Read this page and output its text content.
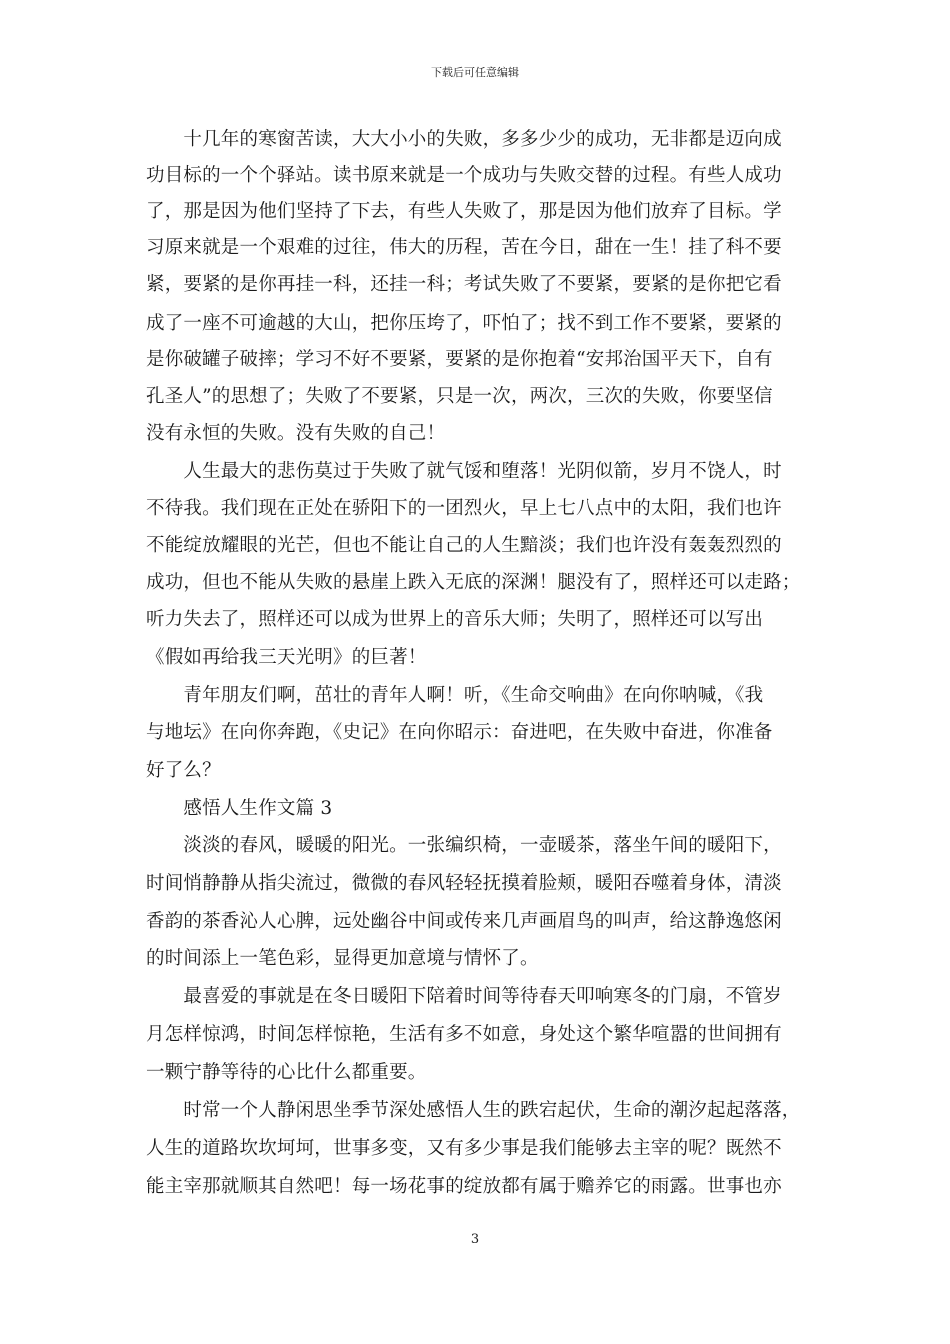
下载后可任意编辑
　　十几年的寒窗苦读，大大小小的失败，多多少少的成功，无非都是迈向成
功目标的一个个驿站。读书原来就是一个成功与失败交替的过程。有些人成功
了，那是因为他们坚持了下去，有些人失败了，那是因为他们放弃了目标。学
习原来就是一个艰难的过往，伟大的历程，苦在今日，甜在一生！挂了科不要
紧，要紧的是你再挂一科，还挂一科；考试失败了不要紧，要紧的是你把它看
成了一座不可逾越的大山，把你压垮了，吓怕了；找不到工作不要紧，要紧的
是你破罐子破摔；学习不好不要紧，要紧的是你抱着“安邦治国平天下，自有
孔圣人”的思想了；失败了不要紧，只是一次，两次，三次的失败，你要坚信
没有永恒的失败。没有失败的自己！
　　人生最大的悲伤莫过于失败了就气馁和堕落！光阴似箭，岁月不饶人，时
不待我。我们现在正处在骄阳下的一团烈火，早上七八点中的太阳，我们也许
不能绽放耀眼的光芒，但也不能让自己的人生黯淡；我们也许没有轰轰烈烈的
成功，但也不能从失败的悬崖上跌入无底的深渊！腿没有了，照样还可以走路；
听力失去了，照样还可以成为世界上的音乐大师；失明了，照样还可以写出
《假如再给我三天光明》的巨著！
　　青年朋友们啊，茁壮的青年人啊！听，《生命交响曲》在向你呐喊，《我
与地坛》在向你奔跑，《史记》在向你昭示：奋进吧，在失败中奋进，你准备
好了么？
　　感悟人生作文篇 3
　　淡淡的春风，暖暖的阳光。一张编织椅，一壶暖茶，落坐午间的暖阳下，
时间悄静静从指尖流过，微微的春风轻轻抚摸着脸颊，暖阳吞噬着身体，清淡
香韵的茶香沁人心脾，远处幽谷中间或传来几声画眉鸟的叫声，给这静逸悠闲
的时间添上一笔色彩，显得更加意境与情怀了。
　　最喜爱的事就是在冬日暖阳下陪着时间等待春天叩响寒冬的门扇，不管岁
月怎样惊鸿，时间怎样惊艳，生活有多不如意，身处这个繁华喧嚣的世间拥有
一颗宁静等待的心比什么都重要。
　　时常一个人静闲思坐季节深处感悟人生的跌宕起伏，生命的潮汐起起落落，
人生的道路坎坎坷坷，世事多变，又有多少事是我们能够去主宰的呢？既然不
能主宰那就顺其自然吧！每一场花事的绽放都有属于赡养它的雨露。世事也亦
3
